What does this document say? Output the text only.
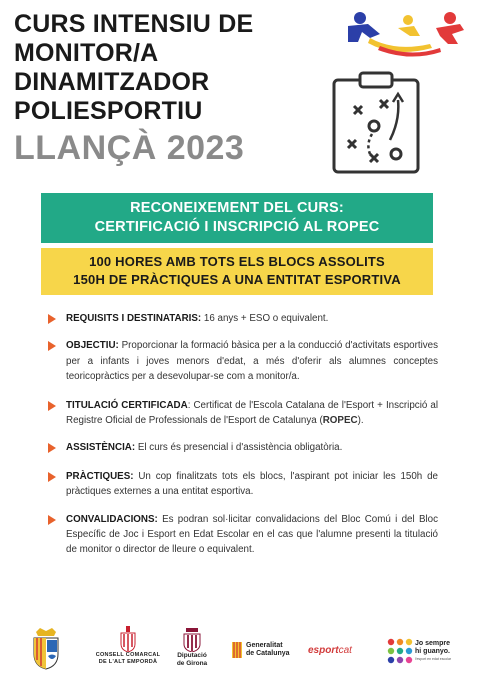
CURS INTENSIU DE
MONITOR/A
DINAMITZADOR
POLIESPORTIU
LLANÇÀ 2023
RECONEIXEMENT DEL CURS:
CERTIFICACIÓ I INSCRIPCIÓ AL ROPEC
100 HORES AMB TOTS ELS BLOCS ASSOLITS
150H DE PRÀCTIQUES A UNA ENTITAT ESPORTIVA
REQUISITS I DESTINATARIS: 16 anys + ESO o equivalent.
OBJECTIU: Proporcionar la formació bàsica per a la conducció d'activitats esportives per a infants i joves menors d'edat, a més d'oferir als alumnes conceptes teoricopràctics per a desevolupar-se com a monitor/a.
TITULACIÓ CERTIFICADA: Certificat de l'Escola Catalana de l'Esport + Inscripció al Registre Oficial de Professionals de l'Esport de Catalunya (ROPEC).
ASSISTÈNCIA: El curs és presencial i d'assistència obligatòria.
PRÀCTIQUES: Un cop finalitzats tots els blocs, l'aspirant pot iniciar les 150h de pràctiques externes a una entitat esportiva.
CONVALIDACIONS: Es podran sol·licitar convalidacions del Bloc Comú i del Bloc Específic de Joc i Esport en Edat Escolar en el cas que l'alumne presenti la titulació de monitor o director de lleure o equivalent.
CONSELL COMARCAL
DE L'ALT EMPORDÀ
Diputació
de Girona
Generalitat
de Catalunya esportcat
Jo sempre
hi guanyo.
l'esport en edat escolar
